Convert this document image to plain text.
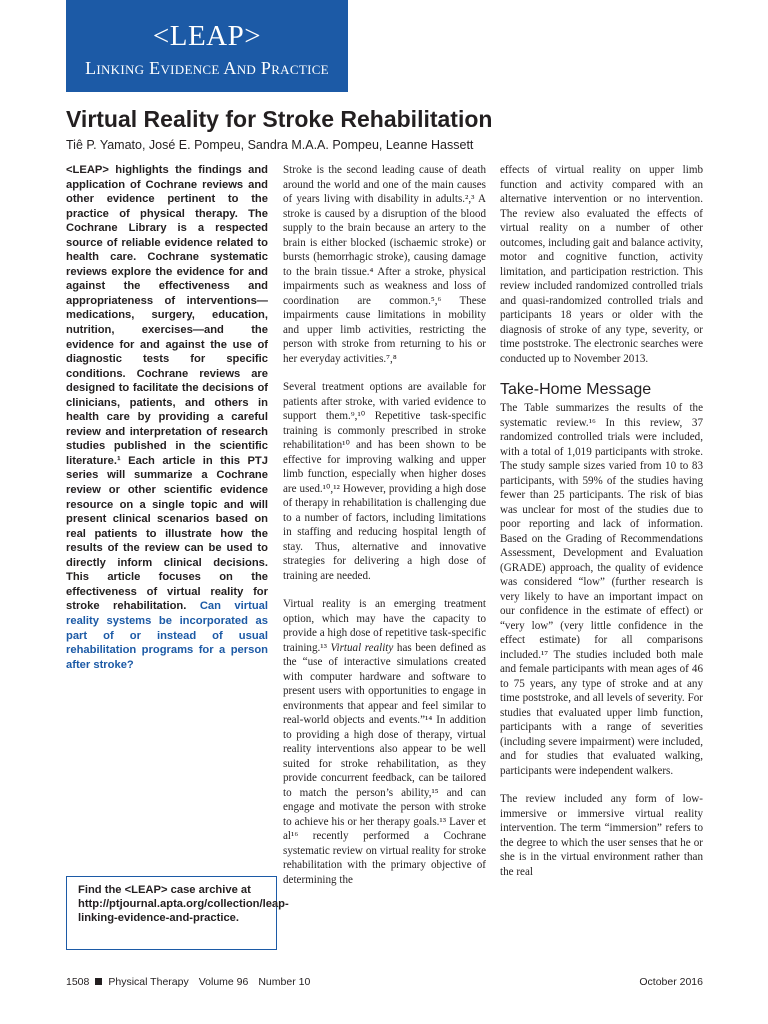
<LEAP>
Linking Evidence And Practice
Virtual Reality for Stroke Rehabilitation
Tiê P. Yamato, José E. Pompeu, Sandra M.A.A. Pompeu, Leanne Hassett

<LEAP> highlights the findings and application of Cochrane reviews and other evidence pertinent to the practice of physical therapy. The Cochrane Library is a respected source of reliable evidence related to health care. Cochrane systematic reviews explore the evidence for and against the effectiveness and appropriateness of interventions—medications, surgery, education, nutrition, exercises—and the evidence for and against the use of diagnostic tests for specific conditions. Cochrane reviews are designed to facilitate the decisions of clinicians, patients, and others in health care by providing a careful review and interpretation of research studies published in the scientific literature.¹ Each article in this PTJ series will summarize a Cochrane review or other scientific evidence resource on a single topic and will present clinical scenarios based on real patients to illustrate how the results of the review can be used to directly inform clinical decisions. This article focuses on the effectiveness of virtual reality for stroke rehabilitation. Can virtual reality systems be incorporated as part of or instead of usual rehabilitation programs for a person after stroke?

Stroke is the second leading cause of death around the world and one of the main causes of years living with disability in adults.²,³ A stroke is caused by a disruption of the blood supply to the brain because an artery to the brain is either blocked (ischaemic stroke) or bursts (hemorrhagic stroke), causing damage to the brain tissue.⁴ After a stroke, physical impairments such as weakness and loss of coordination are common.⁵,⁶ These impairments cause limitations in mobility and upper limb activities, restricting the person with stroke from returning to his or her everyday activities.⁷,⁸

Several treatment options are available for patients after stroke, with varied evidence to support them.⁹,¹⁰ Repetitive task-specific training is commonly prescribed in stroke rehabilitation¹⁰ and has been shown to be effective for improving walking and upper limb function, especially when higher doses are used.¹⁰,¹² However, providing a high dose of therapy in rehabilitation is challenging due to a number of factors, including limitations in staffing and reducing hospital length of stay. Thus, alternative and innovative strategies for delivering a high dose of training are needed.

Virtual reality is an emerging treatment option, which may have the capacity to provide a high dose of repetitive task-specific training.¹³ Virtual reality has been defined as the “use of interactive simulations created with computer hardware and software to present users with opportunities to engage in environments that appear and feel similar to real-world objects and events.”¹⁴ In addition to providing a high dose of therapy, virtual reality interventions also appear to be well suited for stroke rehabilitation, as they provide concurrent feedback, can be tailored to match the person’s ability,¹⁵ and can engage and motivate the person with stroke to achieve his or her therapy goals.¹³ Laver et al¹⁶ recently performed a Cochrane systematic review on virtual reality for stroke rehabilitation with the primary objective of determining the

effects of virtual reality on upper limb function and activity compared with an alternative intervention or no intervention. The review also evaluated the effects of virtual reality on a number of other outcomes, including gait and balance activity, motor and cognitive function, activity limitation, and participation restriction. This review included randomized controlled trials and quasi-randomized controlled trials and participants 18 years or older with the diagnosis of stroke of any type, severity, or time poststroke. The electronic searches were conducted up to November 2013.

Take-Home Message

The Table summarizes the results of the systematic review.¹⁶ In this review, 37 randomized controlled trials were included, with a total of 1,019 participants with stroke. The study sample sizes varied from 10 to 83 participants, with 59% of the studies having fewer than 25 participants. The risk of bias was unclear for most of the studies due to poor reporting and lack of information. Based on the Grading of Recommendations Assessment, Development and Evaluation (GRADE) approach, the quality of evidence was considered “low” (further research is very likely to have an important impact on our confidence in the estimate of effect) or “very low” (very little confidence in the effect estimate) for all comparisons included.¹⁷ The studies included both male and female participants with mean ages of 46 to 75 years, any type of stroke and at any time poststroke, and all levels of severity. For studies that evaluated upper limb function, participants with a range of severities (including severe impairment) were included, and for studies that evaluated walking, participants were independent walkers.

The review included any form of low-immersive or immersive virtual reality intervention. The term “immersion” refers to the degree to which the user senses that he or she is in the virtual environment rather than the real

Find the <LEAP> case archive at http://ptjournal.apta.org/collection/leap-linking-evidence-and-practice.
1508 Physical Therapy Volume 96 Number 10	October 2016
